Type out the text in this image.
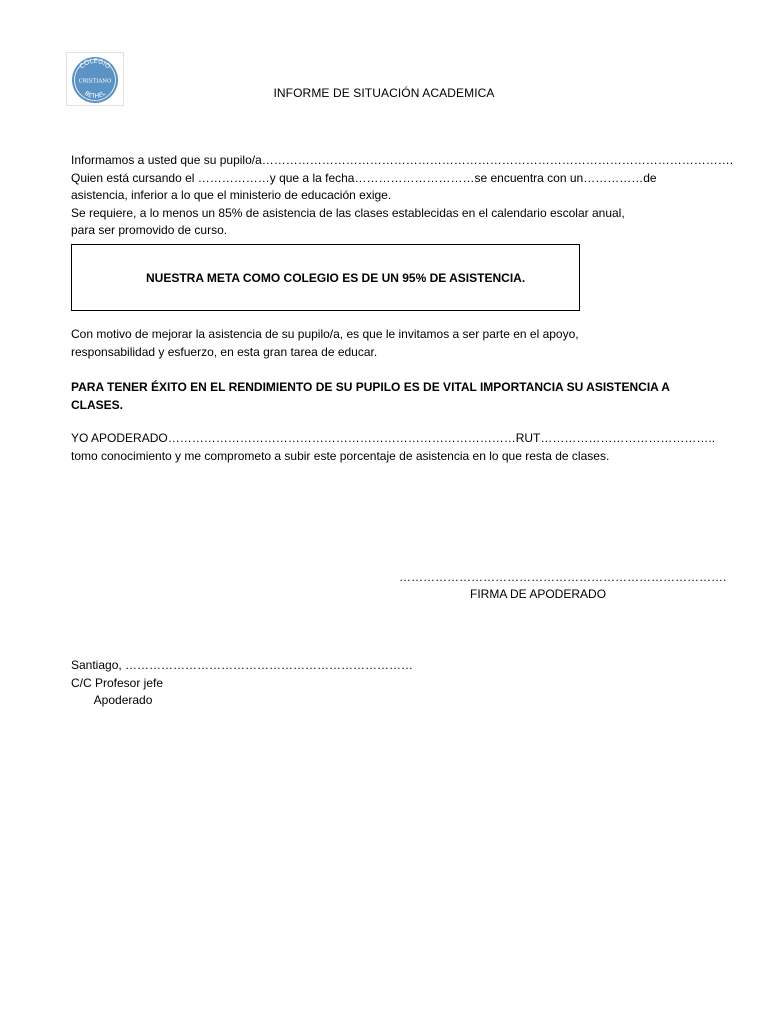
COLEGIO
CRISTIANO
BETHEL	INFORME DE SITUACIÓN ACADEMICA
Informamos a usted que su pupilo/a……………………………………………………………………………………………………….
Quien está cursando el ………………y que a la fecha…………………………se encuentra con un……………de
asistencia, inferior a lo que el ministerio de educación exige.
Se requiere, a lo menos un 85% de asistencia de las clases establecidas en el calendario escolar anual,
para ser promovido de curso.
NUESTRA META COMO COLEGIO ES DE UN 95% DE ASISTENCIA.
Con motivo de mejorar la asistencia de su pupilo/a, es que le invitamos a ser parte en el apoyo,
responsabilidad y esfuerzo, en esta gran tarea de educar.
PARA TENER ÉXITO EN EL RENDIMIENTO DE SU PUPILO ES DE VITAL IMPORTANCIA SU ASISTENCIA A
CLASES.
YO APODERADO……………………………………………………………………………RUT……………………………………..
tomo conocimiento y me comprometo a subir este porcentaje de asistencia en lo que resta de clases.
……………………………………………………………………….
FIRMA DE APODERADO
Santiago, ………………………………………………………………
C/C Profesor jefe
Apoderado
